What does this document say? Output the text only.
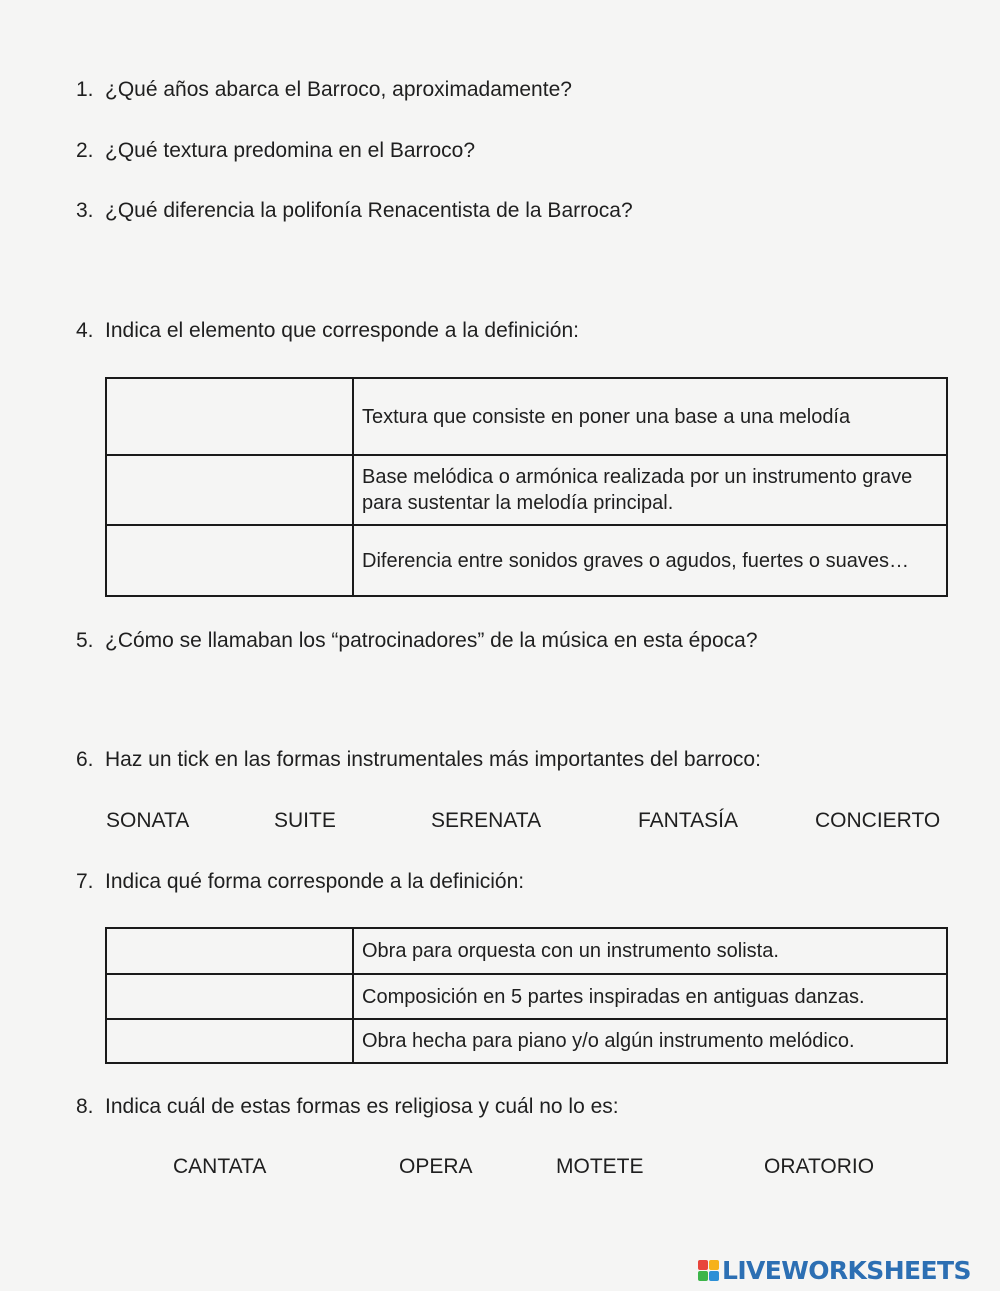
1. ¿Qué años abarca el Barroco, aproximadamente?
2. ¿Qué textura predomina en el Barroco?
3. ¿Qué diferencia la polifonía Renacentista de la Barroca?
4. Indica el elemento que corresponde a la definición:
	Textura que consiste en poner una base a una melodía
	Base melódica o armónica realizada por un instrumento grave para sustentar la melodía principal.
	Diferencia entre sonidos graves o agudos, fuertes o suaves…
5. ¿Cómo se llamaban los “patrocinadores” de la música en esta época?
6. Haz un tick en las formas instrumentales más importantes del barroco:
SONATA	SUITE	SERENATA	FANTASÍA	CONCIERTO
7. Indica qué forma corresponde a la definición:
	Obra para orquesta con un instrumento solista.
	Composición en 5 partes inspiradas en antiguas danzas.
	Obra hecha para piano y/o algún instrumento melódico.
8. Indica cuál de estas formas es religiosa y cuál no lo es:
CANTATA	OPERA	MOTETE	ORATORIO
LIVEWORKSHEETS
